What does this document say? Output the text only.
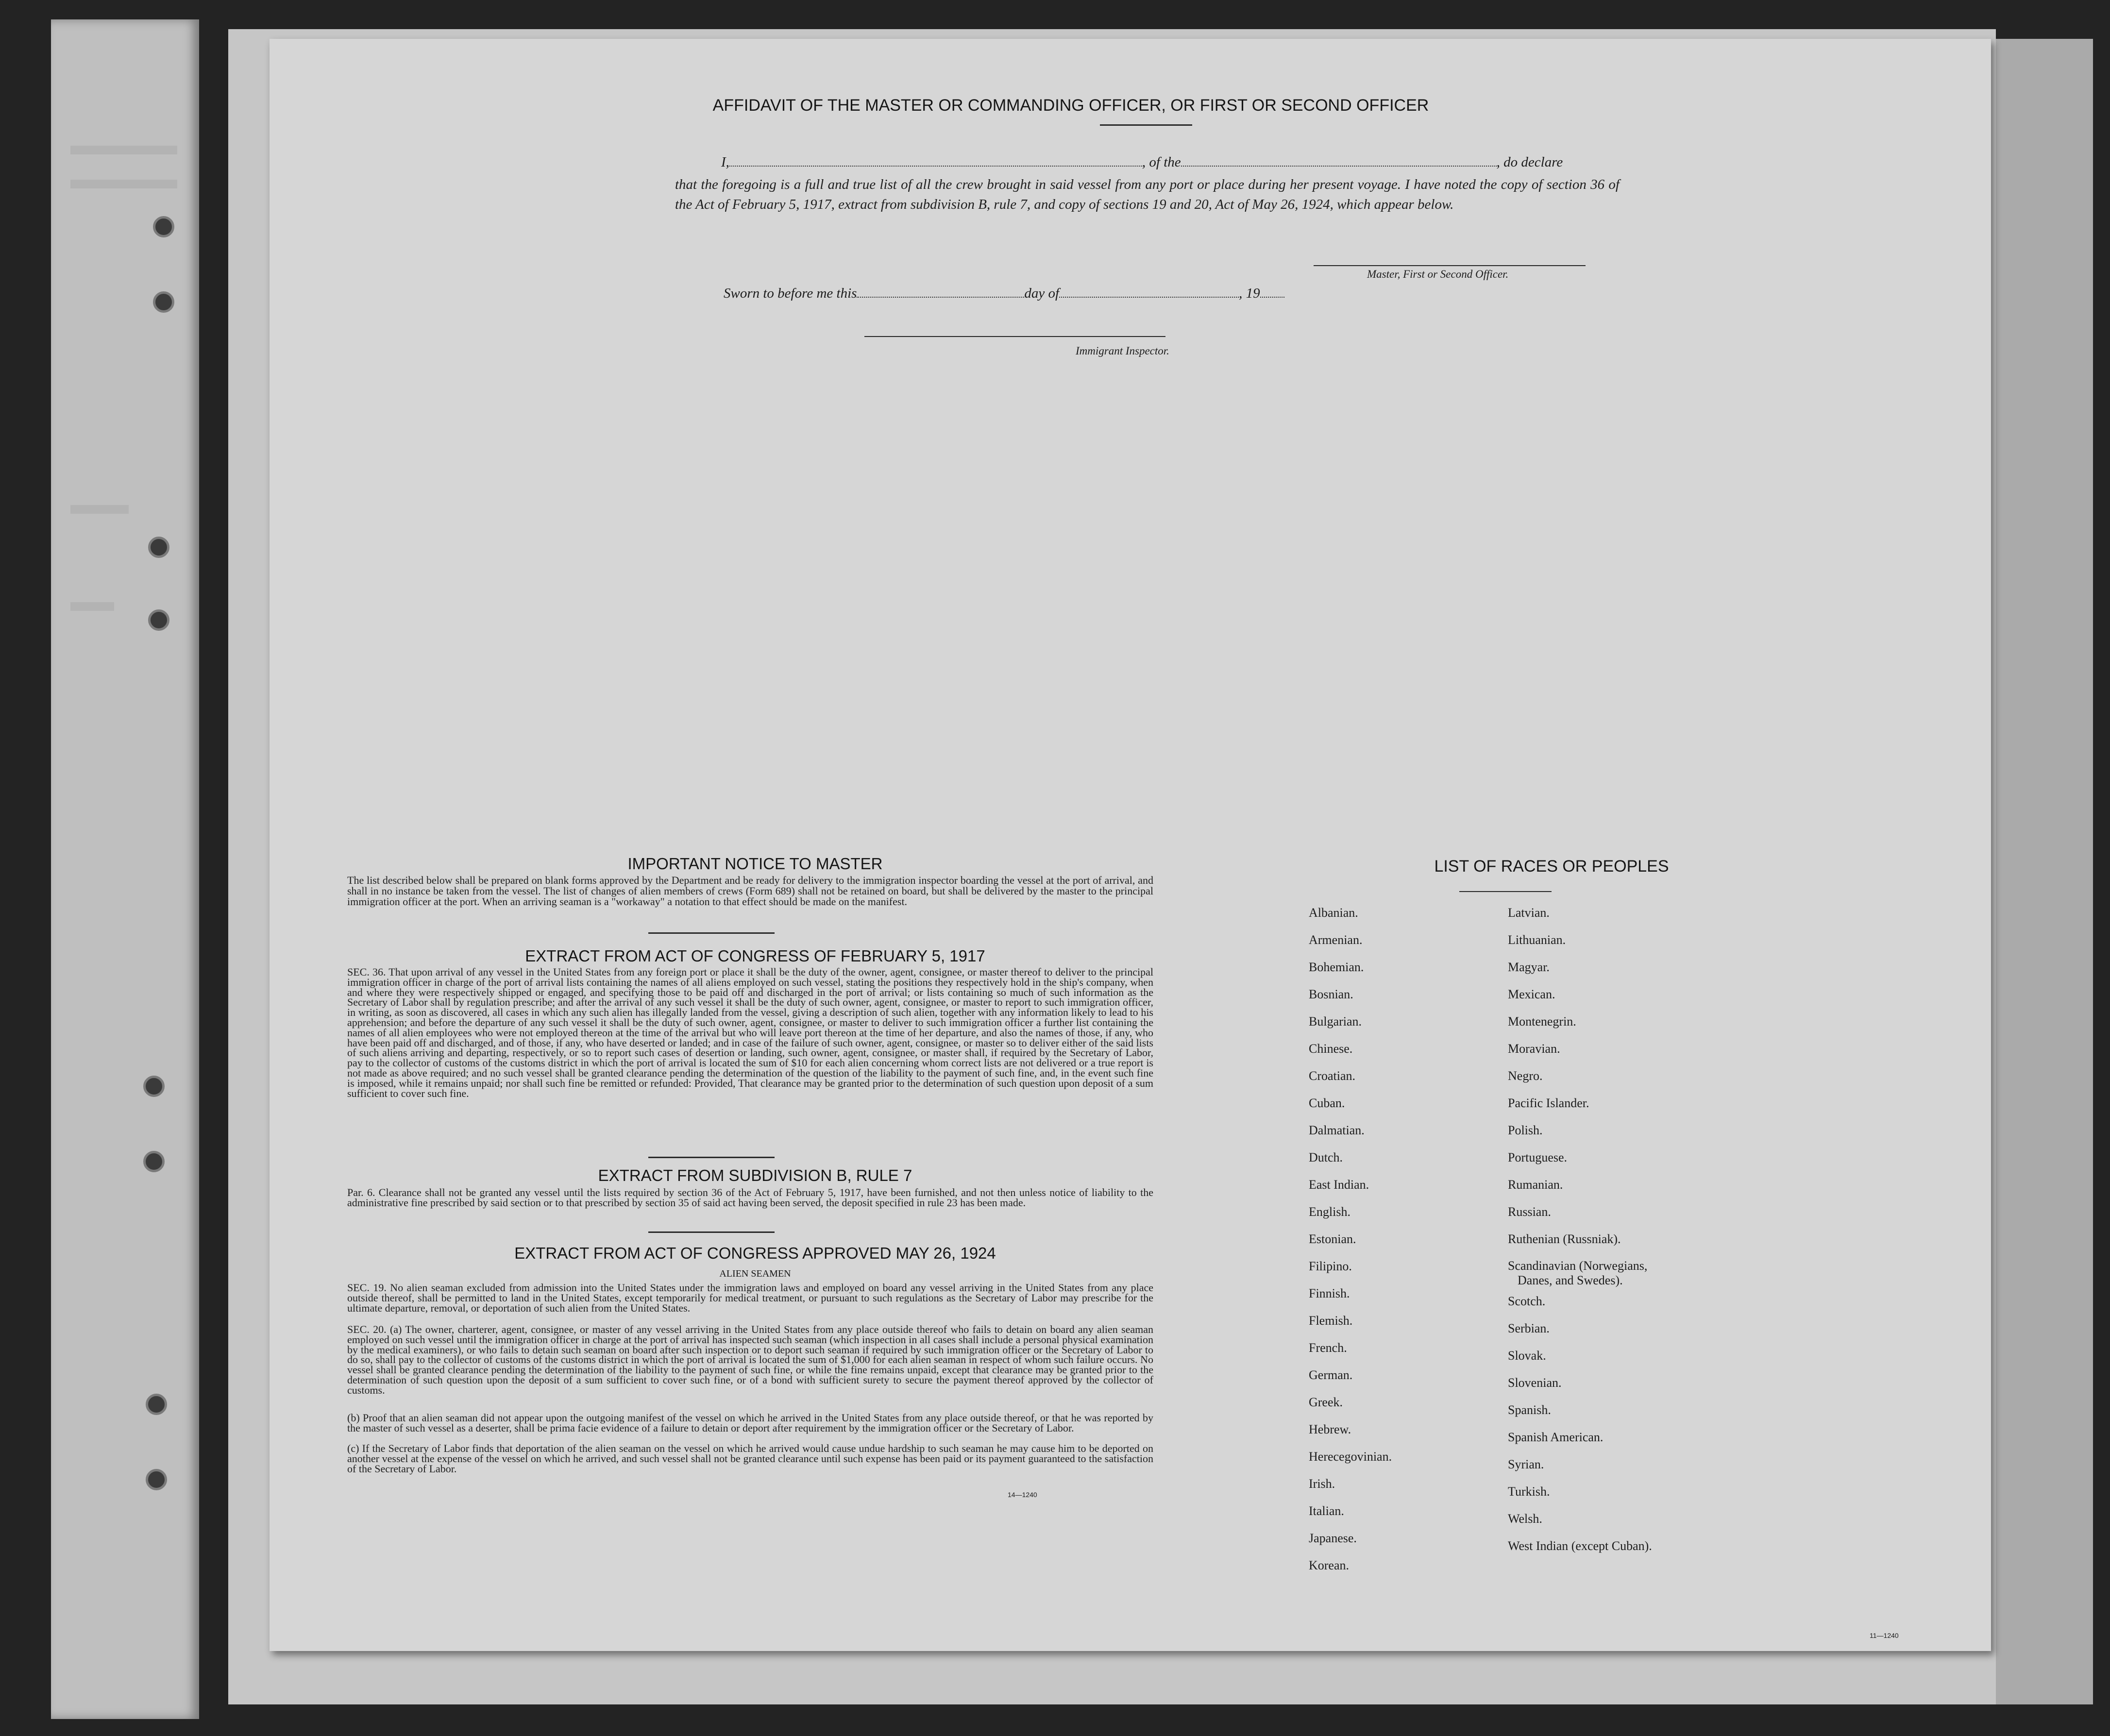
AFFIDAVIT OF THE MASTER OR COMMANDING OFFICER, OR FIRST OR SECOND OFFICER
I,	, of the	, do declare
that the foregoing is a full and true list of all the crew brought in said vessel from any port or place during her present voyage. I have noted the copy of section 36 of the Act of February 5, 1917, extract from subdivision B, rule 7, and copy of sections 19 and 20, Act of May 26, 1924, which appear below.
Master, First or Second Officer.
Sworn to before me this	day of	, 19
Immigrant Inspector.
IMPORTANT NOTICE TO MASTER
The list described below shall be prepared on blank forms approved by the Department and be ready for delivery to the immigration inspector boarding the vessel at the port of arrival, and shall in no instance be taken from the vessel. The list of changes of alien members of crews (Form 689) shall not be retained on board, but shall be delivered by the master to the principal immigration officer at the port. When an arriving seaman is a "workaway" a notation to that effect should be made on the manifest.
EXTRACT FROM ACT OF CONGRESS OF FEBRUARY 5, 1917
SEC. 36. That upon arrival of any vessel in the United States from any foreign port or place it shall be the duty of the owner, agent, consignee, or master thereof to deliver to the principal immigration officer in charge of the port of arrival lists containing the names of all aliens employed on such vessel, stating the positions they respectively hold in the ship's company, when and where they were respectively shipped or engaged, and specifying those to be paid off and discharged in the port of arrival; or lists containing so much of such information as the Secretary of Labor shall by regulation prescribe; and after the arrival of any such vessel it shall be the duty of such owner, agent, consignee, or master to report to such immigration officer, in writing, as soon as discovered, all cases in which any such alien has illegally landed from the vessel, giving a description of such alien, together with any information likely to lead to his apprehension; and before the departure of any such vessel it shall be the duty of such owner, agent, consignee, or master to deliver to such immigration officer a further list containing the names of all alien employees who were not employed thereon at the time of the arrival but who will leave port thereon at the time of her departure, and also the names of those, if any, who have been paid off and discharged, and of those, if any, who have deserted or landed; and in case of the failure of such owner, agent, consignee, or master so to deliver either of the said lists of such aliens arriving and departing, respectively, or so to report such cases of desertion or landing, such owner, agent, consignee, or master shall, if required by the Secretary of Labor, pay to the collector of customs of the customs district in which the port of arrival is located the sum of $10 for each alien concerning whom correct lists are not delivered or a true report is not made as above required; and no such vessel shall be granted clearance pending the determination of the question of the liability to the payment of such fine, and, in the event such fine is imposed, while it remains unpaid; nor shall such fine be remitted or refunded: Provided, That clearance may be granted prior to the determination of such question upon deposit of a sum sufficient to cover such fine.
EXTRACT FROM SUBDIVISION B, RULE 7
Par. 6. Clearance shall not be granted any vessel until the lists required by section 36 of the Act of February 5, 1917, have been furnished, and not then unless notice of liability to the administrative fine prescribed by said section or to that prescribed by section 35 of said act having been served, the deposit specified in rule 23 has been made.
EXTRACT FROM ACT OF CONGRESS APPROVED MAY 26, 1924
ALIEN SEAMEN
SEC. 19. No alien seaman excluded from admission into the United States under the immigration laws and employed on board any vessel arriving in the United States from any place outside thereof, shall be permitted to land in the United States, except temporarily for medical treatment, or pursuant to such regulations as the Secretary of Labor may prescribe for the ultimate departure, removal, or deportation of such alien from the United States.
SEC. 20. (a) The owner, charterer, agent, consignee, or master of any vessel arriving in the United States from any place outside thereof who fails to detain on board any alien seaman employed on such vessel until the immigration officer in charge at the port of arrival has inspected such seaman (which inspection in all cases shall include a personal physical examination by the medical examiners), or who fails to detain such seaman on board after such inspection or to deport such seaman if required by such immigration officer or the Secretary of Labor to do so, shall pay to the collector of customs of the customs district in which the port of arrival is located the sum of $1,000 for each alien seaman in respect of whom such failure occurs. No vessel shall be granted clearance pending the determination of the liability to the payment of such fine, or while the fine remains unpaid, except that clearance may be granted prior to the determination of such question upon the deposit of a sum sufficient to cover such fine, or of a bond with sufficient surety to secure the payment thereof approved by the collector of customs.
(b) Proof that an alien seaman did not appear upon the outgoing manifest of the vessel on which he arrived in the United States from any place outside thereof, or that he was reported by the master of such vessel as a deserter, shall be prima facie evidence of a failure to detain or deport after requirement by the immigration officer or the Secretary of Labor.
(c) If the Secretary of Labor finds that deportation of the alien seaman on the vessel on which he arrived would cause undue hardship to such seaman he may cause him to be deported on another vessel at the expense of the vessel on which he arrived, and such vessel shall not be granted clearance until such expense has been paid or its payment guaranteed to the satisfaction of the Secretary of Labor.
14—1240
LIST OF RACES OR PEOPLES
Albanian.
Armenian.
Bohemian.
Bosnian.
Bulgarian.
Chinese.
Croatian.
Cuban.
Dalmatian.
Dutch.
East Indian.
English.
Estonian.
Filipino.
Finnish.
Flemish.
French.
German.
Greek.
Hebrew.
Herecegovinian.
Irish.
Italian.
Japanese.
Korean.
Latvian.
Lithuanian.
Magyar.
Mexican.
Montenegrin.
Moravian.
Negro.
Pacific Islander.
Polish.
Portuguese.
Rumanian.
Russian.
Ruthenian (Russniak).
Scandinavian (Norwegians,
Danes, and Swedes).
Scotch.
Serbian.
Slovak.
Slovenian.
Spanish.
Spanish American.
Syrian.
Turkish.
Welsh.
West Indian (except Cuban).
11—1240
